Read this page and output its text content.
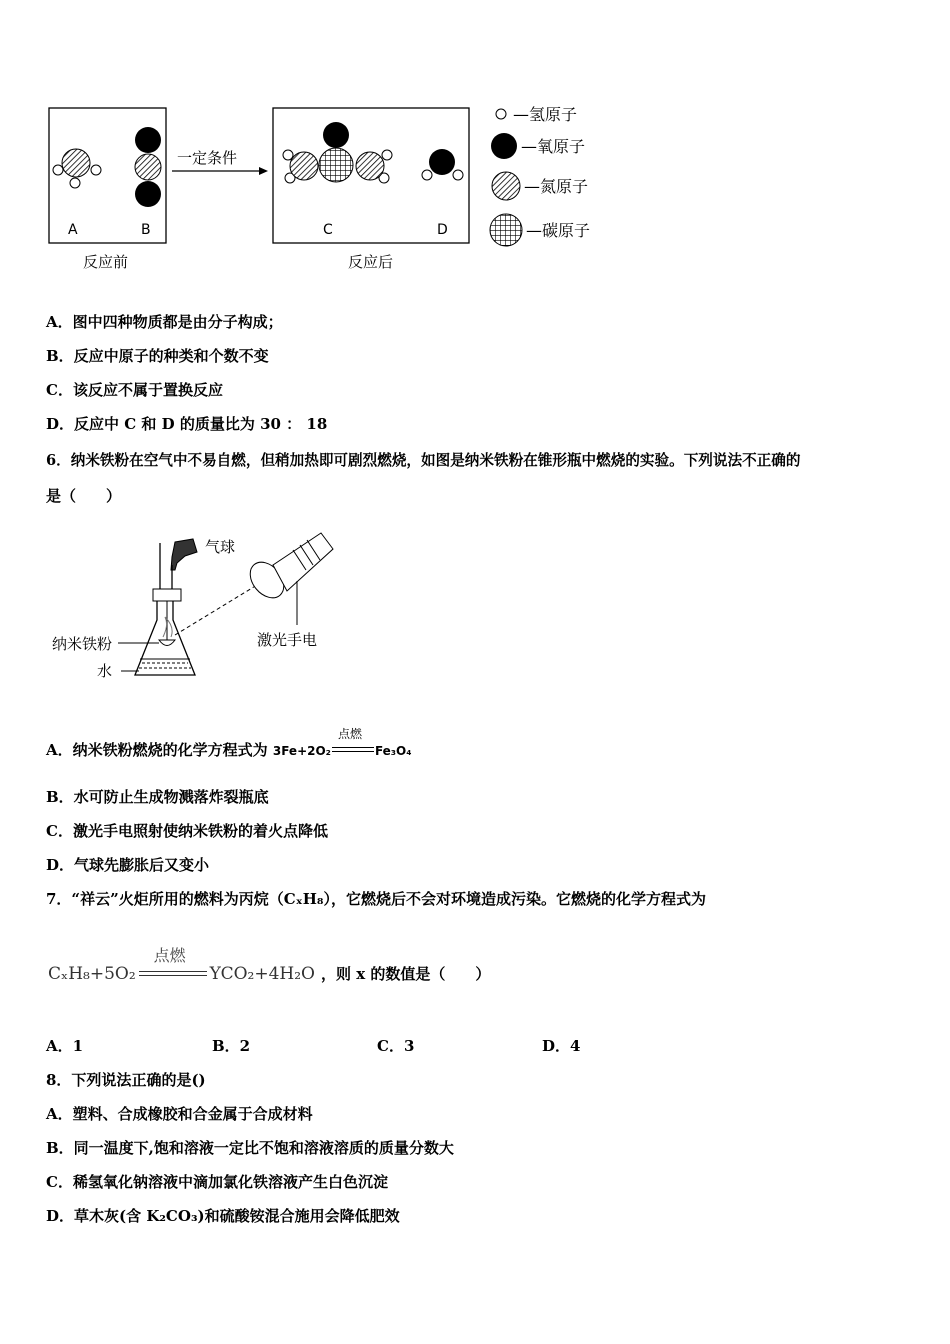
A	B
一定条件
C	D
—氢原子
—氧原子
—氮原子
—碳原子
反应前	反应后
A．图中四种物质都是由分子构成；
B．反应中原子的种类和个数不变
C．该反应不属于置换反应
D．反应中 C 和 D 的质量比为 30 ： 18
6．纳米铁粉在空气中不易自燃，但稍加热即可剧烈燃烧，如图是纳米铁粉在锥形瓶中燃烧的实验。下列说法不正确的
是（　　）
气球
纳米铁粉
水
激光手电
A．纳米铁粉燃烧的化学方程式为 3Fe+2O₂
点燃
Fe₃O₄
B．水可防止生成物溅落炸裂瓶底
C．激光手电照射使纳米铁粉的着火点降低
D．气球先膨胀后又变小
7．“祥云”火炬所用的燃料为丙烷（CₓH₈），它燃烧后不会对环境造成污染。它燃烧的化学方程式为
CₓH₈+5O₂
点燃
YCO₂+4H₂O ，则 x 的数值是（　　）
A．1	B．2	C．3	D．4
8．下列说法正确的是()
A．塑料、合成橡胶和合金属于合成材料
B．同一温度下,饱和溶液一定比不饱和溶液溶质的质量分数大
C．稀氢氧化钠溶液中滴加氯化铁溶液产生白色沉淀
D．草木灰(含 K₂CO₃)和硫酸铵混合施用会降低肥效
